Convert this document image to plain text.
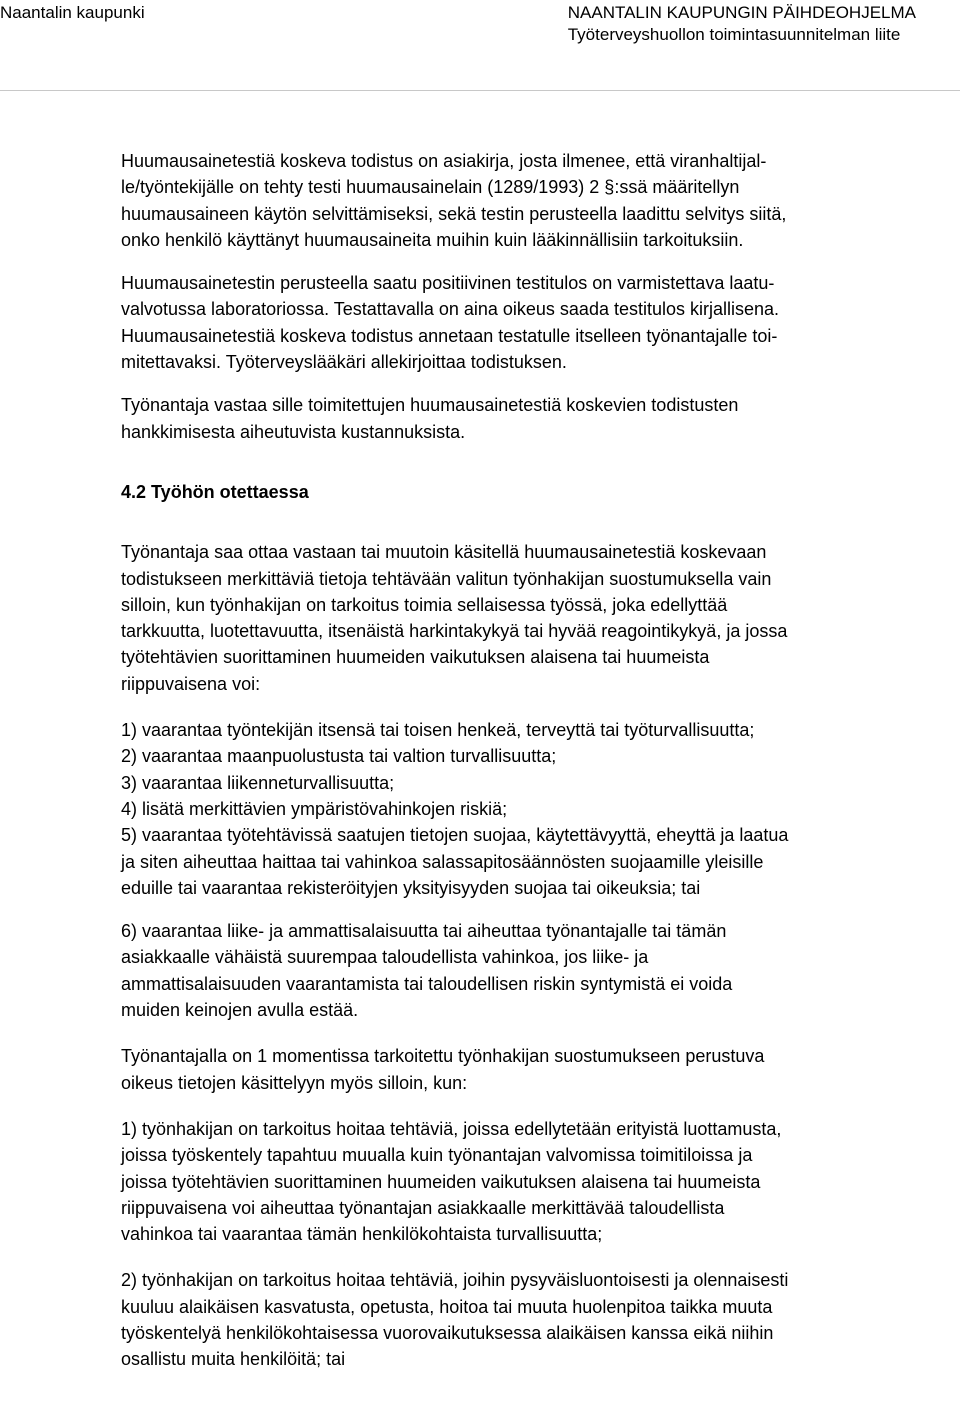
Naantalin kaupunki	NAANTALIN KAUPUNGIN PÄIHDEOHJELMA
Työterveyshuollon toimintasuunnitelman liite

Huumausainetestiä koskeva todistus on asiakirja, josta ilmenee, että viranhaltijal-

le/työntekijälle on tehty testi huumausainelain (1289/1993) 2 §:ssä määritellyn

huumausaineen käytön selvittämiseksi, sekä testin perusteella laadittu selvitys siitä,

onko henkilö käyttänyt huumausaineita muihin kuin lääkinnällisiin tarkoituksiin.

Huumausainetestin perusteella saatu positiivinen testitulos on varmistettava laatu-

valvotussa laboratoriossa. Testattavalla on aina oikeus saada testitulos kirjallisena.

Huumausainetestiä koskeva todistus annetaan testatulle itselleen työnantajalle toi-

mitettavaksi. Työterveyslääkäri allekirjoittaa todistuksen.

Työnantaja vastaa sille toimitettujen huumausainetestiä koskevien todistusten

hankkimisesta aiheutuvista kustannuksista.

4.2 Työhön otettaessa

Työnantaja saa ottaa vastaan tai muutoin käsitellä huumausainetestiä koskevaan

todistukseen merkittäviä tietoja tehtävään valitun työnhakijan suostumuksella vain

silloin, kun työnhakijan on tarkoitus toimia sellaisessa työssä, joka edellyttää

tarkkuutta, luotettavuutta, itsenäistä harkintakykyä tai hyvää reagointikykyä, ja jossa

työtehtävien suorittaminen huumeiden vaikutuksen alaisena tai huumeista

riippuvaisena voi:

1) vaarantaa työntekijän itsensä tai toisen henkeä, terveyttä tai työturvallisuutta;

2) vaarantaa maanpuolustusta tai valtion turvallisuutta;

3) vaarantaa liikenneturvallisuutta;

4) lisätä merkittävien ympäristövahinkojen riskiä;

5) vaarantaa työtehtävissä saatujen tietojen suojaa, käytettävyyttä, eheyttä ja laatua

ja siten aiheuttaa haittaa tai vahinkoa salassapitosäännösten suojaamille yleisille

eduille tai vaarantaa rekisteröityjen yksityisyyden suojaa tai oikeuksia; tai

6) vaarantaa liike- ja ammattisalaisuutta tai aiheuttaa työnantajalle tai tämän

asiakkaalle vähäistä suurempaa taloudellista vahinkoa, jos liike- ja

ammattisalaisuuden vaarantamista tai taloudellisen riskin syntymistä ei voida

muiden keinojen avulla estää.

Työnantajalla on 1 momentissa tarkoitettu työnhakijan suostumukseen perustuva

oikeus tietojen käsittelyyn myös silloin, kun:

1) työnhakijan on tarkoitus hoitaa tehtäviä, joissa edellytetään erityistä luottamusta,

joissa työskentely tapahtuu muualla kuin työnantajan valvomissa toimitiloissa ja

joissa työtehtävien suorittaminen huumeiden vaikutuksen alaisena tai huumeista

riippuvaisena voi aiheuttaa työnantajan asiakkaalle merkittävää taloudellista

vahinkoa tai vaarantaa tämän henkilökohtaista turvallisuutta;

2) työnhakijan on tarkoitus hoitaa tehtäviä, joihin pysyväisluontoisesti ja olennaisesti

kuuluu alaikäisen kasvatusta, opetusta, hoitoa tai muuta huolenpitoa taikka muuta

työskentelyä henkilökohtaisessa vuorovaikutuksessa alaikäisen kanssa eikä niihin

osallistu muita henkilöitä; tai
